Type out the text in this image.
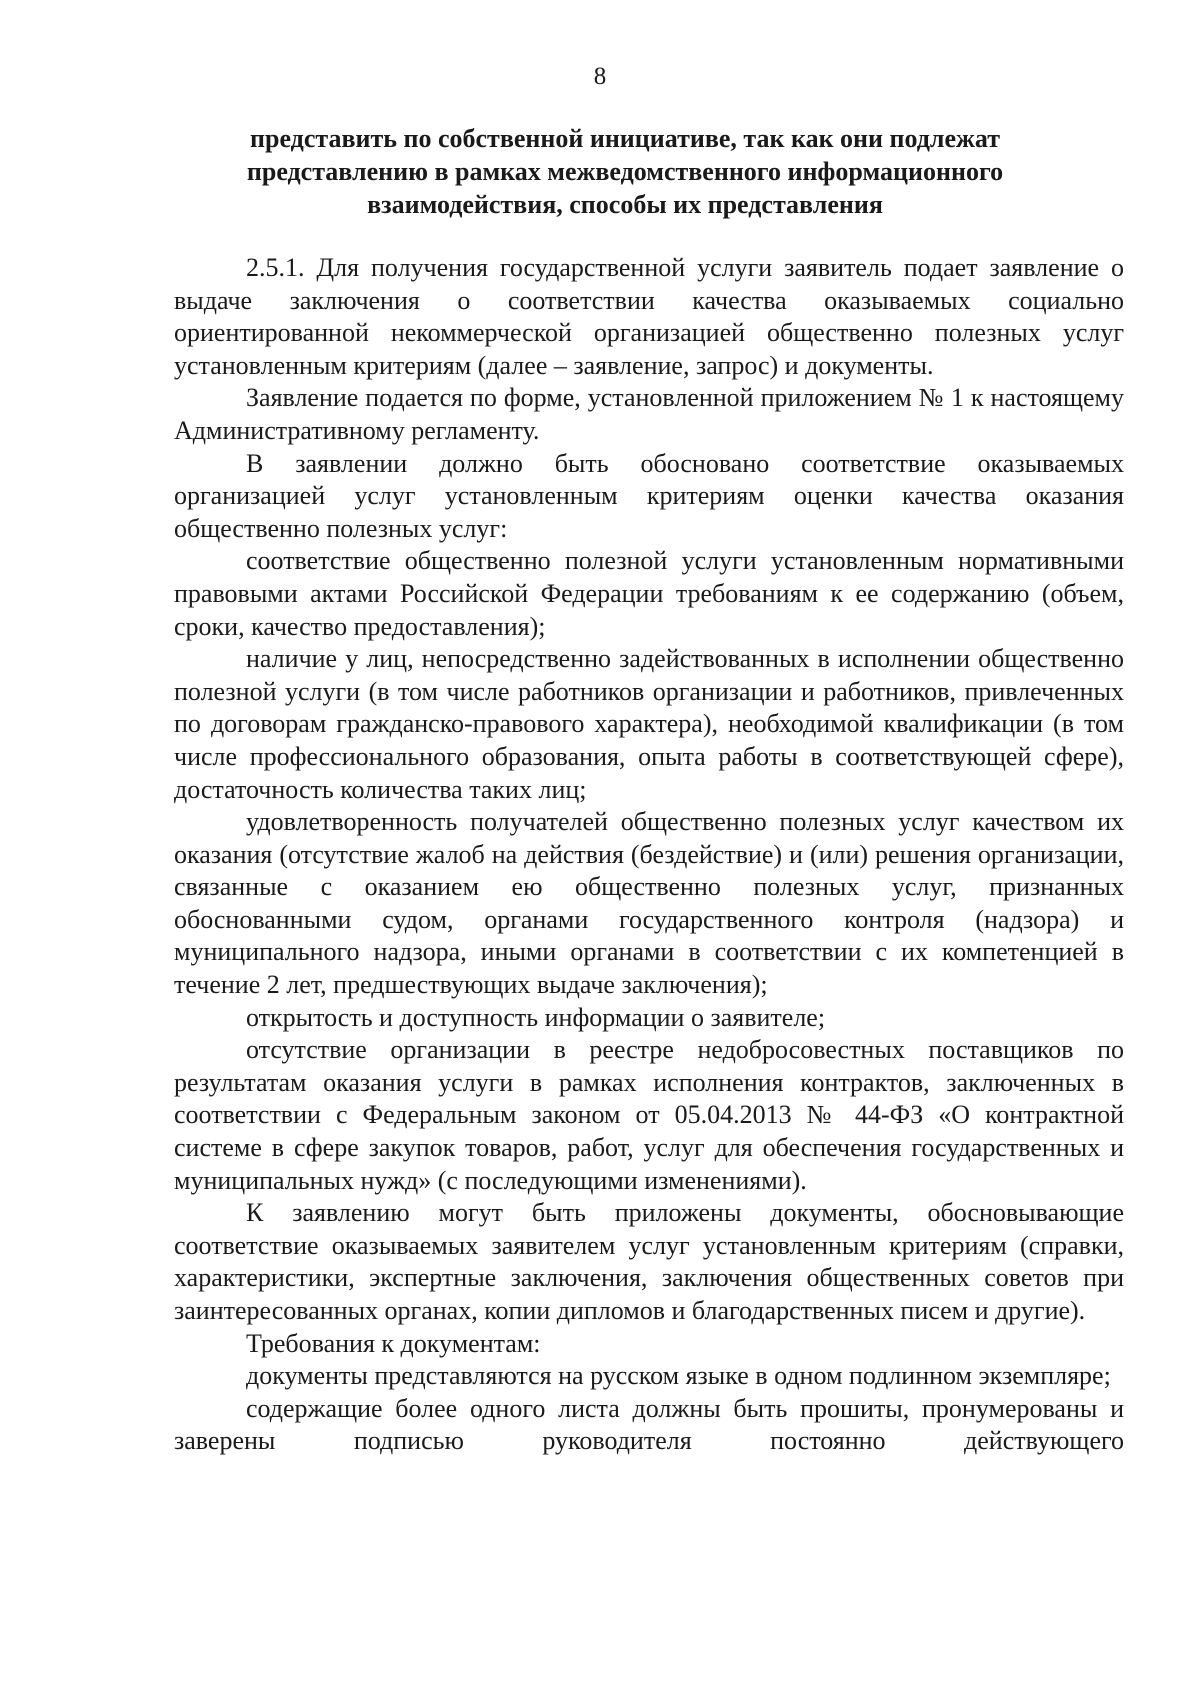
8
представить по собственной инициативе, так как они подлежат представлению в рамках межведомственного информационного взаимодействия, способы их представления

2.5.1. Для получения государственной услуги заявитель подает заявление о выдаче заключения о соответствии качества оказываемых социально ориентированной некоммерческой организацией общественно полезных услуг установленным критериям (далее – заявление, запрос) и документы.

Заявление подается по форме, установленной приложением № 1 к настоящему Административному регламенту.

В заявлении должно быть обосновано соответствие оказываемых организацией услуг установленным критериям оценки качества оказания общественно полезных услуг:

соответствие общественно полезной услуги установленным нормативными правовыми актами Российской Федерации требованиям к ее содержанию (объем, сроки, качество предоставления);

наличие у лиц, непосредственно задействованных в исполнении общественно полезной услуги (в том числе работников организации и работников, привлеченных по договорам гражданско-правового характера), необходимой квалификации (в том числе профессионального образования, опыта работы в соответствующей сфере), достаточность количества таких лиц;

удовлетворенность получателей общественно полезных услуг качеством их оказания (отсутствие жалоб на действия (бездействие) и (или) решения организации, связанные с оказанием ею общественно полезных услуг, признанных обоснованными судом, органами государственного контроля (надзора) и муниципального надзора, иными органами в соответствии с их компетенцией в течение 2 лет, предшествующих выдаче заключения);

открытость и доступность информации о заявителе;

отсутствие организации в реестре недобросовестных поставщиков по результатам оказания услуги в рамках исполнения контрактов, заключенных в соответствии с Федеральным законом от 05.04.2013 № 44-ФЗ «О контрактной системе в сфере закупок товаров, работ, услуг для обеспечения государственных и муниципальных нужд» (с последующими изменениями).

К заявлению могут быть приложены документы, обосновывающие соответствие оказываемых заявителем услуг установленным критериям (справки, характеристики, экспертные заключения, заключения общественных советов при заинтересованных органах, копии дипломов и благодарственных писем и другие).

Требования к документам:

документы представляются на русском языке в одном подлинном экземпляре;

содержащие более одного листа должны быть прошиты, пронумерованы и заверены подписью руководителя постоянно действующего
